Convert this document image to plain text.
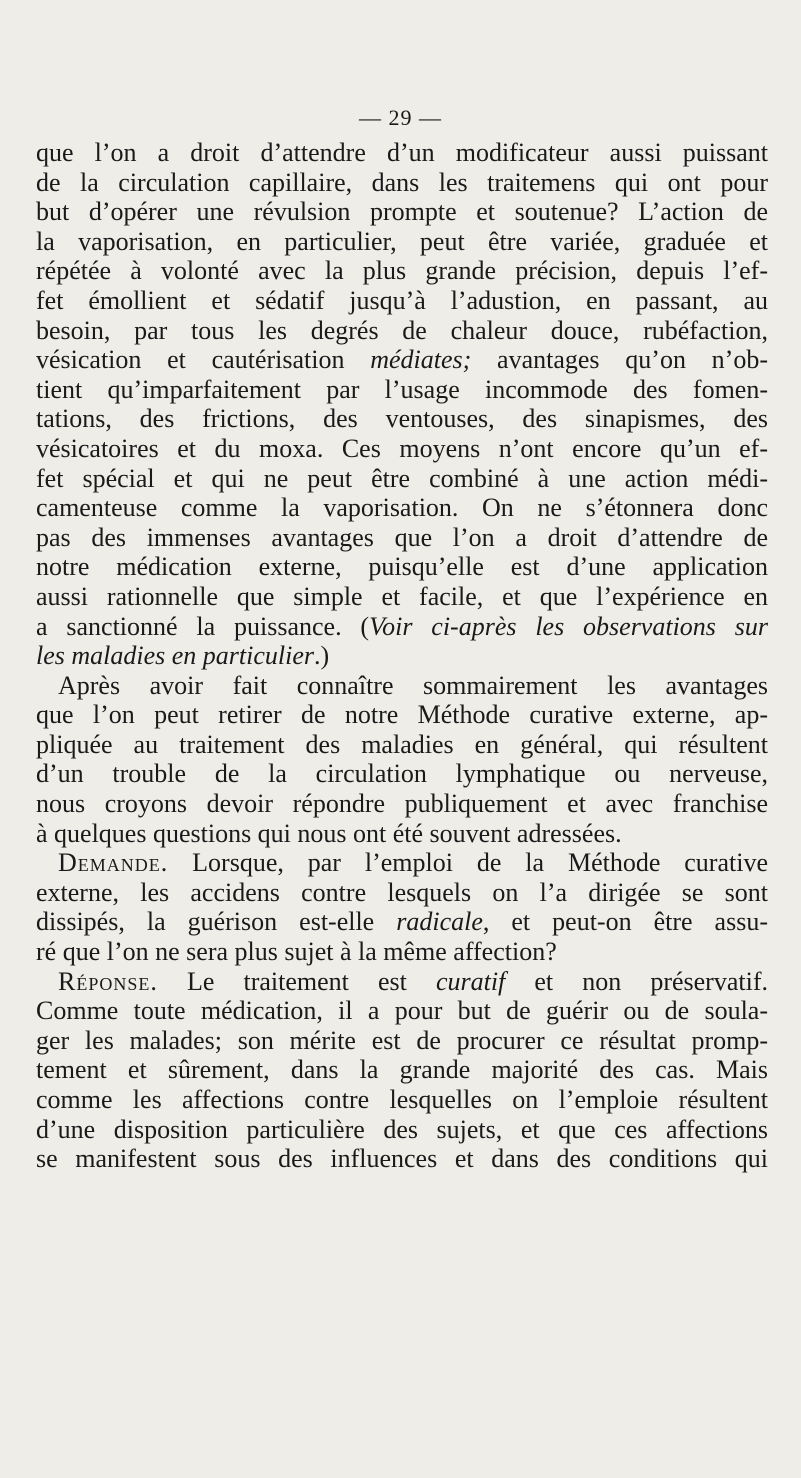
— 29 —
que l’on a droit d’attendre d’un modificateur aussi puissant
de la circulation capillaire, dans les traitemens qui ont pour
but d’opérer une révulsion prompte et soutenue? L’action de
la vaporisation, en particulier, peut être variée, graduée et
répétée à volonté avec la plus grande précision, depuis l’ef-
fet émollient et sédatif jusqu’à l’adustion, en passant, au
besoin, par tous les degrés de chaleur douce, rubéfaction,
vésication et cautérisation médiates; avantages qu’on n’ob-
tient qu’imparfaitement par l’usage incommode des fomen-
tations, des frictions, des ventouses, des sinapismes, des
vésicatoires et du moxa. Ces moyens n’ont encore qu’un ef-
fet spécial et qui ne peut être combiné à une action médi-
camenteuse comme la vaporisation. On ne s’étonnera donc
pas des immenses avantages que l’on a droit d’attendre de
notre médication externe, puisqu’elle est d’une application
aussi rationnelle que simple et facile, et que l’expérience en
a sanctionné la puissance. (Voir ci-après les observations sur
les maladies en particulier.)
Après avoir fait connaître sommairement les avantages
que l’on peut retirer de notre Méthode curative externe, ap-
pliquée au traitement des maladies en général, qui résultent
d’un trouble de la circulation lymphatique ou nerveuse,
nous croyons devoir répondre publiquement et avec franchise
à quelques questions qui nous ont été souvent adressées.
Demande. Lorsque, par l’emploi de la Méthode curative
externe, les accidens contre lesquels on l’a dirigée se sont
dissipés, la guérison est-elle radicale, et peut-on être assu-
ré que l’on ne sera plus sujet à la même affection?
Réponse. Le traitement est curatif et non préservatif.
Comme toute médication, il a pour but de guérir ou de soula-
ger les malades; son mérite est de procurer ce résultat promp-
tement et sûrement, dans la grande majorité des cas. Mais
comme les affections contre lesquelles on l’emploie résultent
d’une disposition particulière des sujets, et que ces affections
se manifestent sous des influences et dans des conditions qui
